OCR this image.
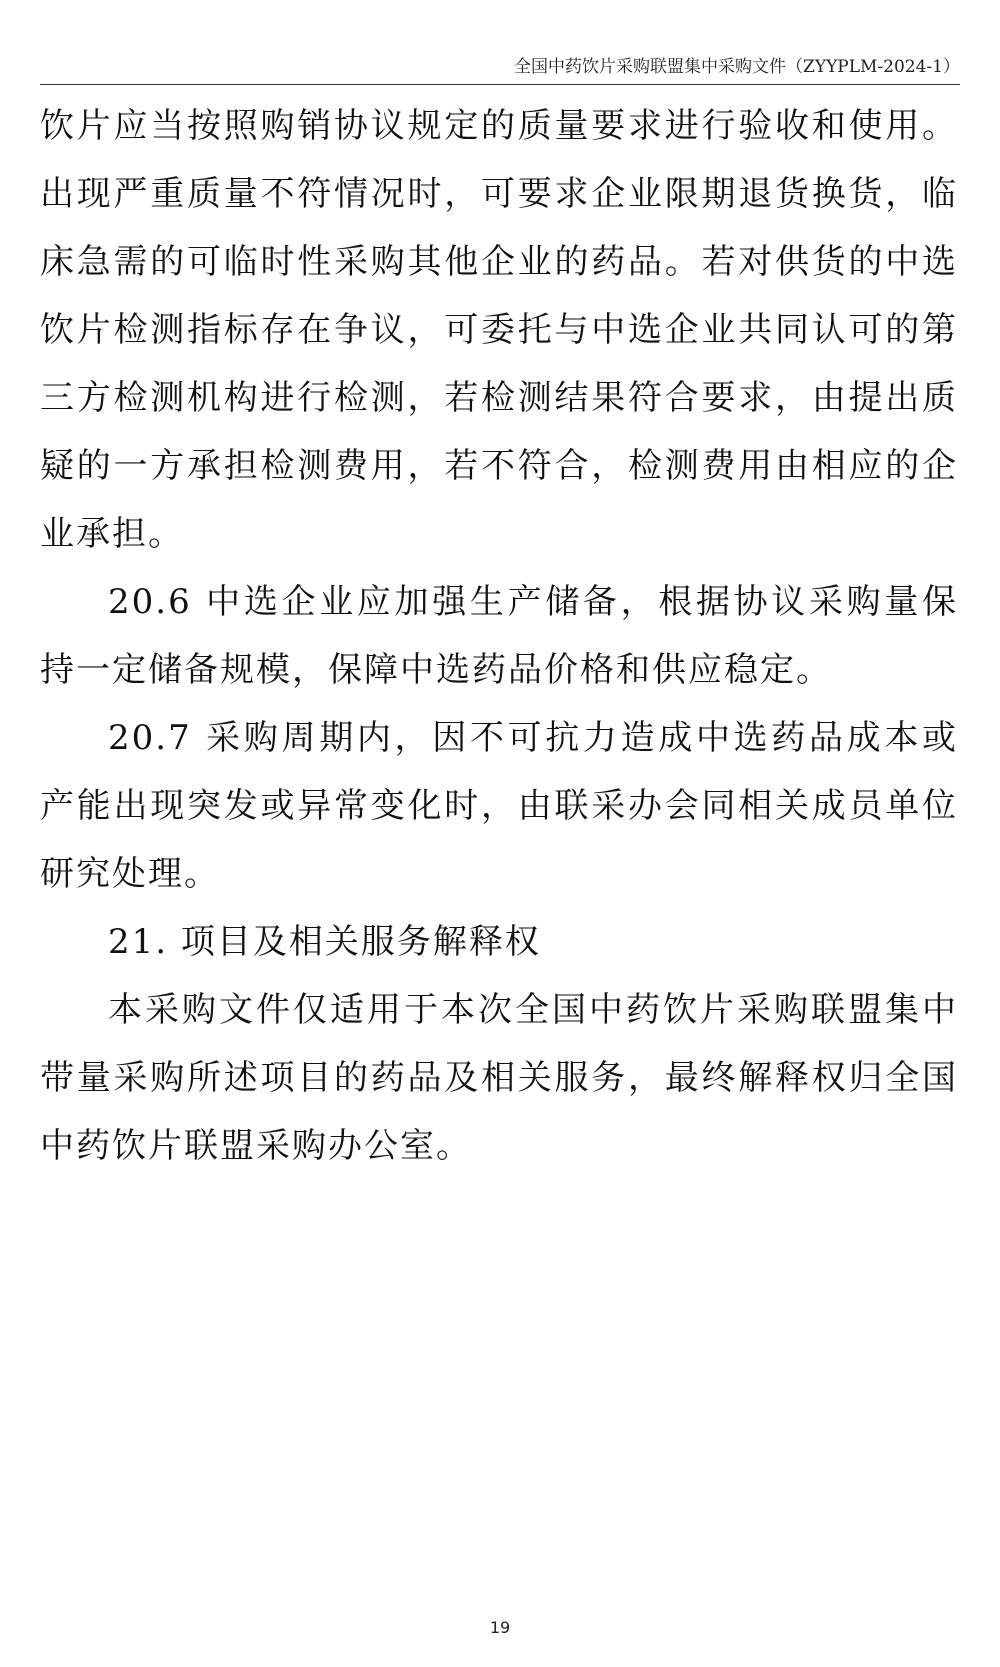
全国中药饮片采购联盟集中采购文件（ZYYPLM-2024-1）

饮片应当按照购销协议规定的质量要求进行验收和使用。出现严重质量不符情况时，可要求企业限期退货换货，临床急需的可临时性采购其他企业的药品。若对供货的中选饮片检测指标存在争议，可委托与中选企业共同认可的第三方检测机构进行检测，若检测结果符合要求，由提出质疑的一方承担检测费用，若不符合，检测费用由相应的企业承担。

20.6 中选企业应加强生产储备，根据协议采购量保持一定储备规模，保障中选药品价格和供应稳定。

20.7 采购周期内，因不可抗力造成中选药品成本或产能出现突发或异常变化时，由联采办会同相关成员单位研究处理。

21. 项目及相关服务解释权

本采购文件仅适用于本次全国中药饮片采购联盟集中带量采购所述项目的药品及相关服务，最终解释权归全国中药饮片联盟采购办公室。

19
